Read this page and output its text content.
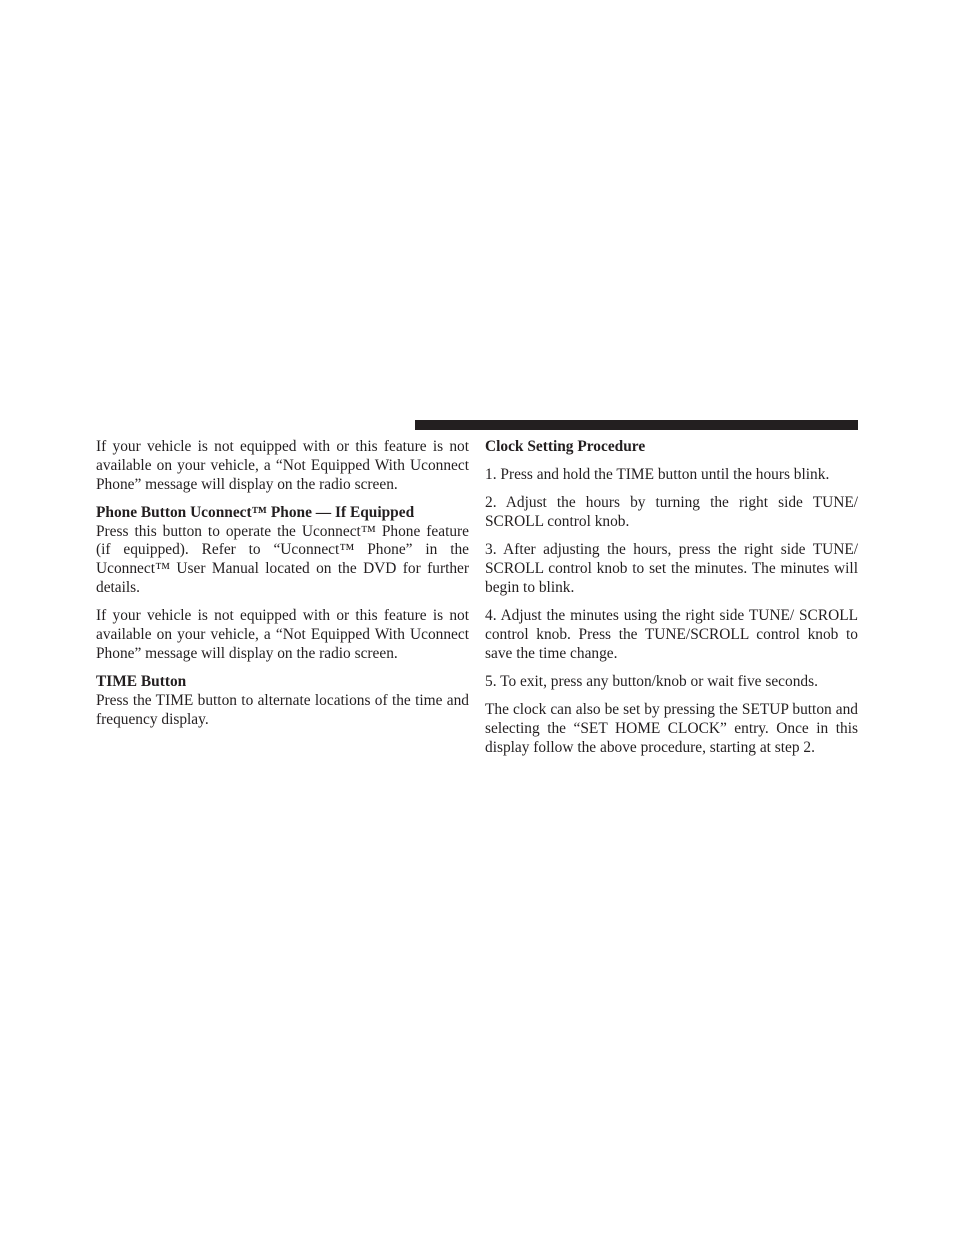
If your vehicle is not equipped with or this feature is not available on your vehicle, a “Not Equipped With Uconnect Phone” message will display on the radio screen.

Phone Button Uconnect™ Phone — If Equipped

Press this button to operate the Uconnect™ Phone feature (if equipped). Refer to “Uconnect™ Phone” in the Uconnect™ User Manual located on the DVD for further details.

If your vehicle is not equipped with or this feature is not available on your vehicle, a “Not Equipped With Uconnect Phone” message will display on the radio screen.

TIME Button

Press the TIME button to alternate locations of the time and frequency display.

Clock Setting Procedure

1. Press and hold the TIME button until the hours blink.

2. Adjust the hours by turning the right side TUNE/ SCROLL control knob.

3. After adjusting the hours, press the right side TUNE/ SCROLL control knob to set the minutes. The minutes will begin to blink.

4. Adjust the minutes using the right side TUNE/ SCROLL control knob. Press the TUNE/SCROLL control knob to save the time change.

5. To exit, press any button/knob or wait five seconds.

The clock can also be set by pressing the SETUP button and selecting the “SET HOME CLOCK” entry. Once in this display follow the above procedure, starting at step 2.
